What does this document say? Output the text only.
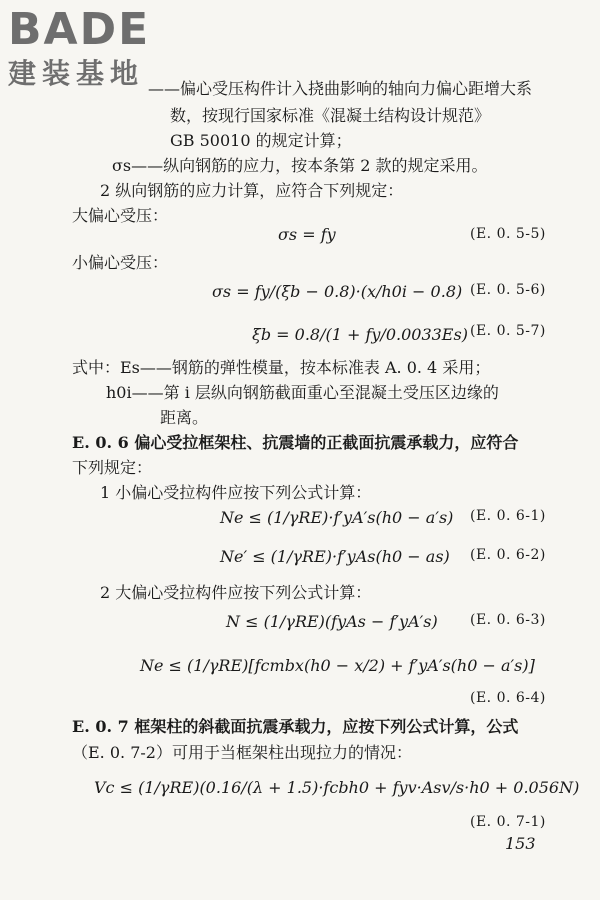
BADE
建装基地 ——偏心受压构件计入挠曲影响的轴向力偏心距增大系
数，按现行国家标准《混凝土结构设计规范》
GB 50010 的规定计算；
σs——纵向钢筋的应力，按本条第 2 款的规定采用。
2 纵向钢筋的应力计算，应符合下列规定：
大偏心受压：
σs = fy	(E. 0. 5-5)
小偏心受压：
σs = fy/(ξb − 0.8)·(x/h0i − 0.8) (E. 0. 5-6)
ξb = 0.8/(1 + fy/0.0033Es) (E. 0. 5-7)
式中：Es——钢筋的弹性模量，按本标准表 A. 0. 4 采用；
h0i——第 i 层纵向钢筋截面重心至混凝土受压区边缘的
距离。
E. 0. 6 偏心受拉框架柱、抗震墙的正截面抗震承载力，应符合
下列规定：
1 小偏心受拉构件应按下列公式计算：
Ne ≤ (1/γRE)·f′yA′s(h0 − a′s) (E. 0. 6-1)
Ne′ ≤ (1/γRE)·f′yAs(h0 − as) (E. 0. 6-2)
2 大偏心受拉构件应按下列公式计算：
N ≤ (1/γRE)(fyAs − f′yA′s) (E. 0. 6-3)
Ne ≤ (1/γRE)[fcmbx(h0 − x/2) + f′yA′s(h0 − a′s)]
(E. 0. 6-4)
E. 0. 7 框架柱的斜截面抗震承载力，应按下列公式计算，公式
（E. 0. 7-2）可用于当框架柱出现拉力的情况：
Vc ≤ (1/γRE)(0.16/(λ + 1.5)·fcbh0 + fyv·Asv/s·h0 + 0.056N)
(E. 0. 7-1)
153
